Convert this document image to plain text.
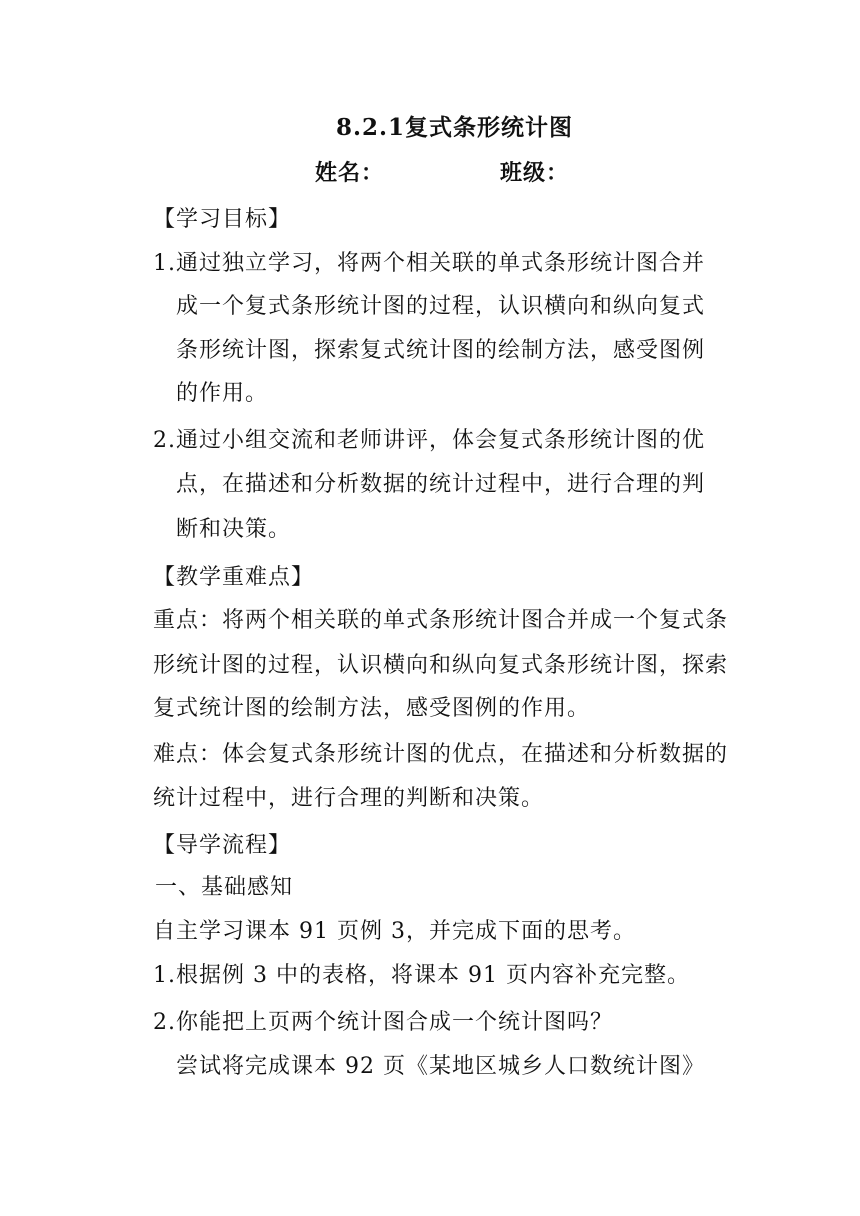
8.2.1复式条形统计图
姓名：	班级：
【学习目标】
1.通过独立学习，将两个相关联的单式条形统计图合并
成一个复式条形统计图的过程，认识横向和纵向复式
条形统计图，探索复式统计图的绘制方法，感受图例
的作用。
2.通过小组交流和老师讲评，体会复式条形统计图的优
点，在描述和分析数据的统计过程中，进行合理的判
断和决策。
【教学重难点】
重点：将两个相关联的单式条形统计图合并成一个复式条
形统计图的过程，认识横向和纵向复式条形统计图，探索
复式统计图的绘制方法，感受图例的作用。
难点：体会复式条形统计图的优点，在描述和分析数据的
统计过程中，进行合理的判断和决策。
【导学流程】
一、基础感知
自主学习课本 91 页例 3，并完成下面的思考。
1.根据例 3 中的表格，将课本 91 页内容补充完整。
2.你能把上页两个统计图合成一个统计图吗？
尝试将完成课本 92 页《某地区城乡人口数统计图》
